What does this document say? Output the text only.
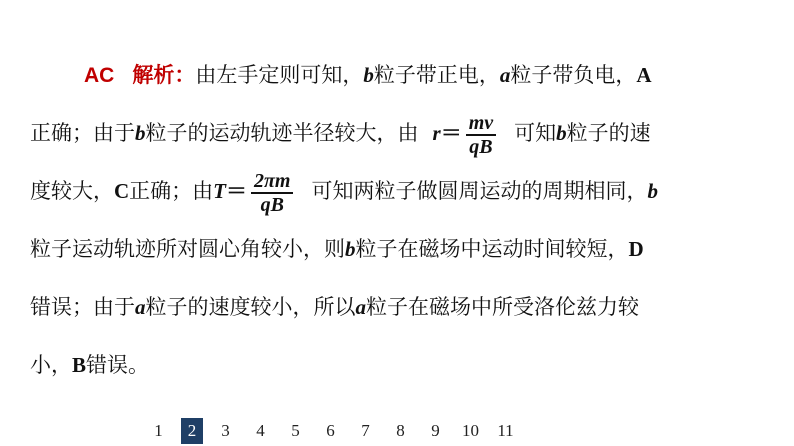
AC 解析：由左手定则可知，b粒子带正电，a粒子带负电，A
正确；由于b粒子的运动轨迹半径较大，由 $r= \frac{mv}{qB}$ 可知b粒子的速
度较大，C正确；由$T= \frac{2\pi m}{qB}$ 可知两粒子做圆周运动的周期相同，b
粒子运动轨迹所对圆心角较小，则b粒子在磁场中运动时间较短，D
错误；由于a粒子的速度较小，所以a粒子在磁场中所受洛伦兹力较
小，B错误。
1	2	3	4	5	6	7	8	9	10 11
